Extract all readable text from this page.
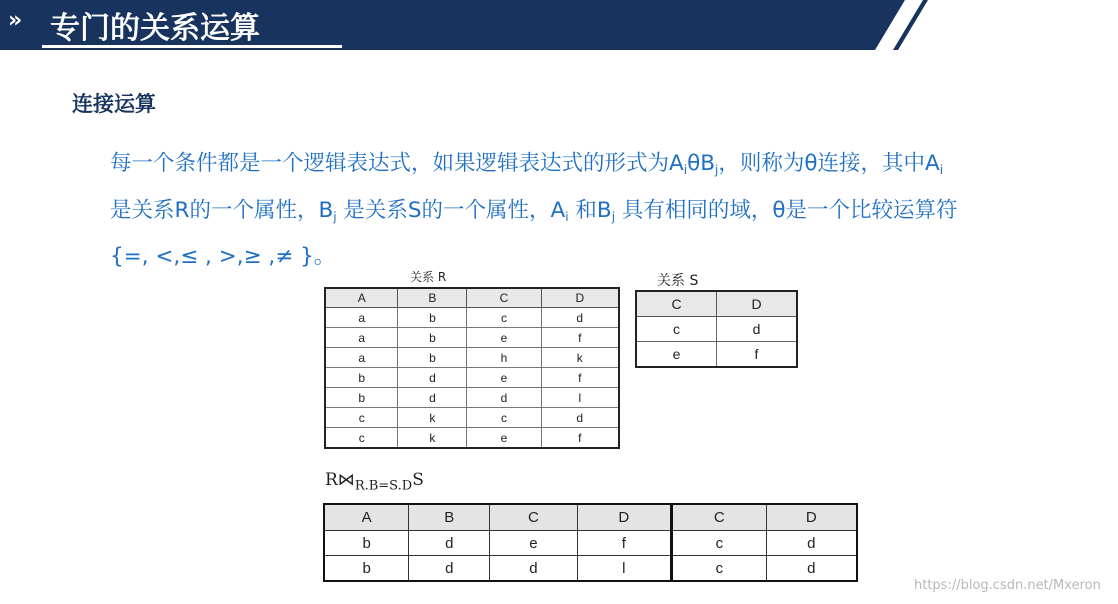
» 专门的关系运算
连接运算
每一个条件都是一个逻辑表达式，如果逻辑表达式的形式为$A_i\theta B_j$，则称为θ连接，其中$A_i$
是关系R的一个属性，$B_j$ 是关系S的一个属性，$A_i$ 和$B_j$ 具有相同的域，θ是一个比较运算符
{=, <,≤ , >,≥ ,≠ }。
关系 R
A	B	C	D
a	b	c	d
a	b	e	f
a	b	h	k
b	d	e	f
b	d	d	l
c	k	c	d
c	k	e	f
关系 S
C	D
c	d
e	f
$R⋈_{R.B=S.D}S$
A	B	C	D	C	D
b	d	e	f	c	d
b	d	d	l	c	d
https://blog.csdn.net/Mxeron
